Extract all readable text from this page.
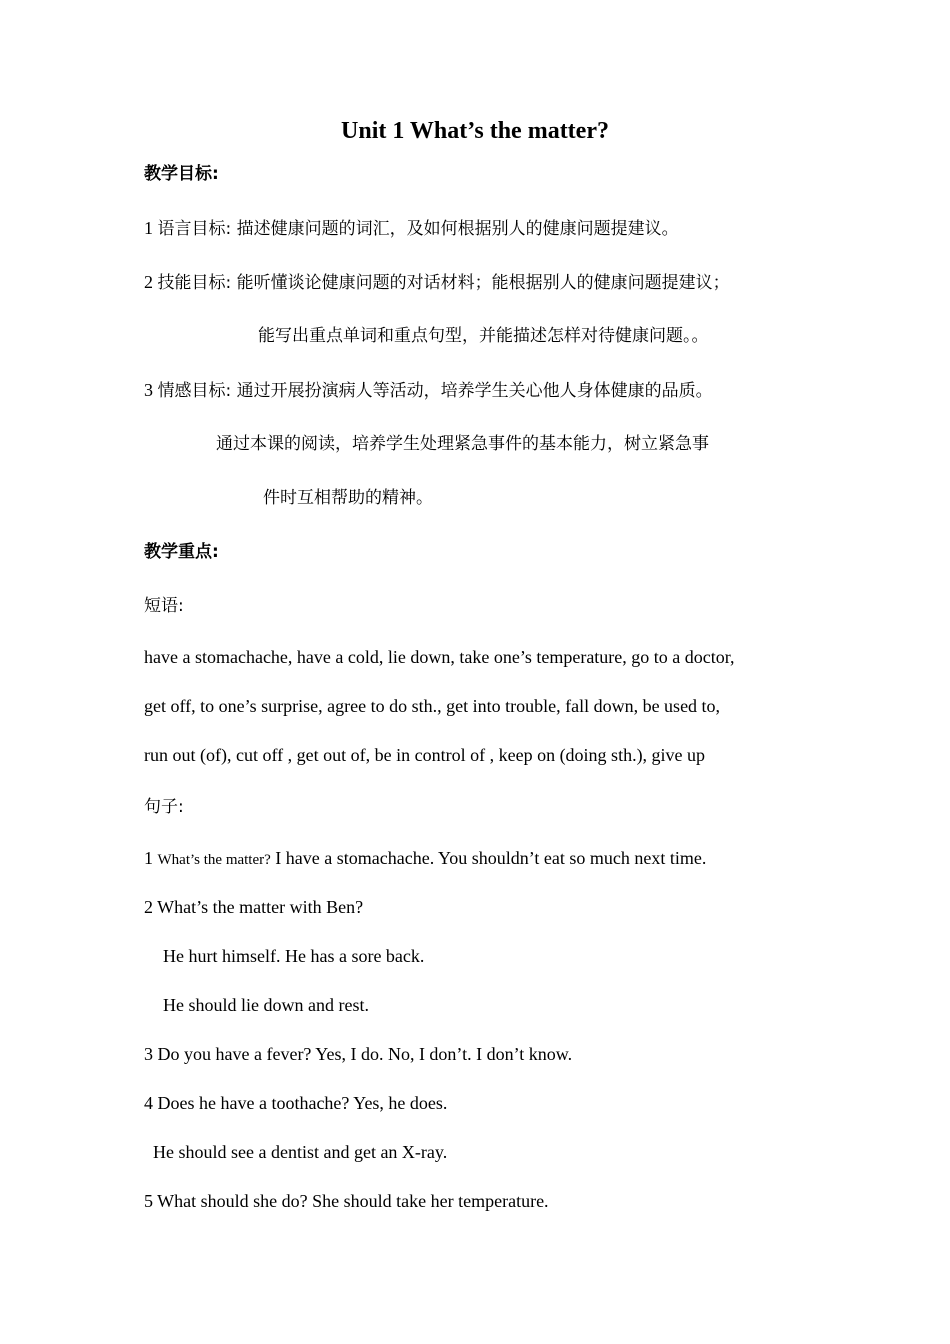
Unit 1 What’s the matter?
教学目标:
1 语言目标: 描述健康问题的词汇，及如何根据别人的健康问题提建议。
2 技能目标: 能听懂谈论健康问题的对话材料；能根据别人的健康问题提建议；
能写出重点单词和重点句型，并能描述怎样对待健康问题。。
3 情感目标: 通过开展扮演病人等活动，培养学生关心他人身体健康的品质。
通过本课的阅读，培养学生处理紧急事件的基本能力，树立紧急事
件时互相帮助的精神。
教学重点:
短语:
have a stomachache, have a cold, lie down, take one’s temperature, go to a doctor,
get off, to one’s surprise, agree to do sth., get into trouble, fall down, be used to,
run out (of), cut off , get out of, be in control of , keep on (doing sth.), give up
句子:
1 What’s the matter? I have a stomachache. You shouldn’t eat so much next time.
2 What’s the matter with Ben?
He hurt himself. He has a sore back.
He should lie down and rest.
3 Do you have a fever? Yes, I do. No, I don’t. I don’t know.
4 Does he have a toothache? Yes, he does.
He should see a dentist and get an X-ray.
5 What should she do? She should take her temperature.
